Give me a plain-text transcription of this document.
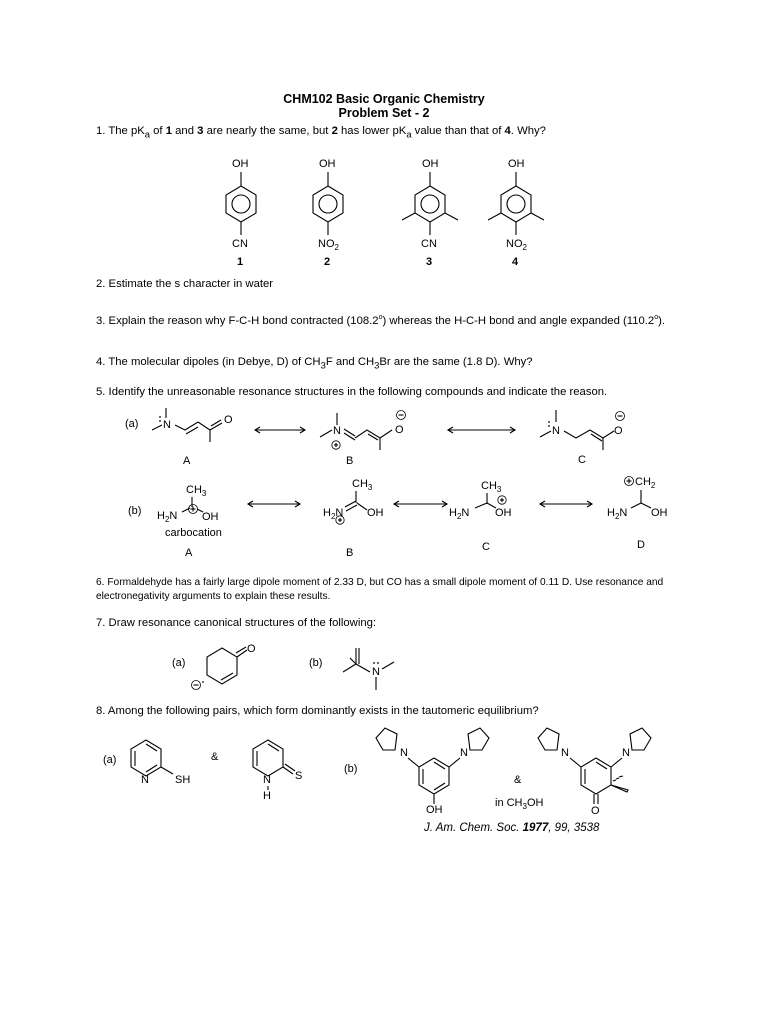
CHM102 Basic Organic Chemistry
Problem Set - 2
1. The $pK_a$ of 1 and 3 are nearly the same, but 2 has lower $pK_a$ value than that of 4. Why?
OH
CN
1
OH
$NO_2$
2
OH
CN
3
OH
$NO_2$
4
2. Estimate the s character in water
3. Explain the reason why F-C-H bond contracted (108.2$^o$) whereas the H-C-H bond and angle expanded (110.2$^o$).
4. The molecular dipoles (in Debye, D) of $CH_3F$ and $CH_3Br$ are the same (1.8 D). Why?
5. Identify the unreasonable resonance structures in the following compounds and indicate the reason.
(a) N	O
A
N	O
B
N	O
C
(b)
$CH_3$
$H_2N$ OH
carbocation
A
$CH_3$
$H_2N$ OH
B
$CH_3$
$H_2N$ OH
C
$CH_2$
$H_2N$ OH
D
6. Formaldehyde has a fairly large dipole moment of 2.33 D, but CO has a small dipole moment of 0.11 D. Use resonance and electronegativity arguments to explain these results.
7. Draw resonance canonical structures of the following:
(a)
O
(b)
N
8. Among the following pairs, which form dominantly exists in the tautomeric equilibrium?
(a)
N SH
&
N
H
S
(b)
N	N
OH
&
N	N
O
in $CH_3OH$
J. Am. Chem. Soc. 1977, 99, 3538
